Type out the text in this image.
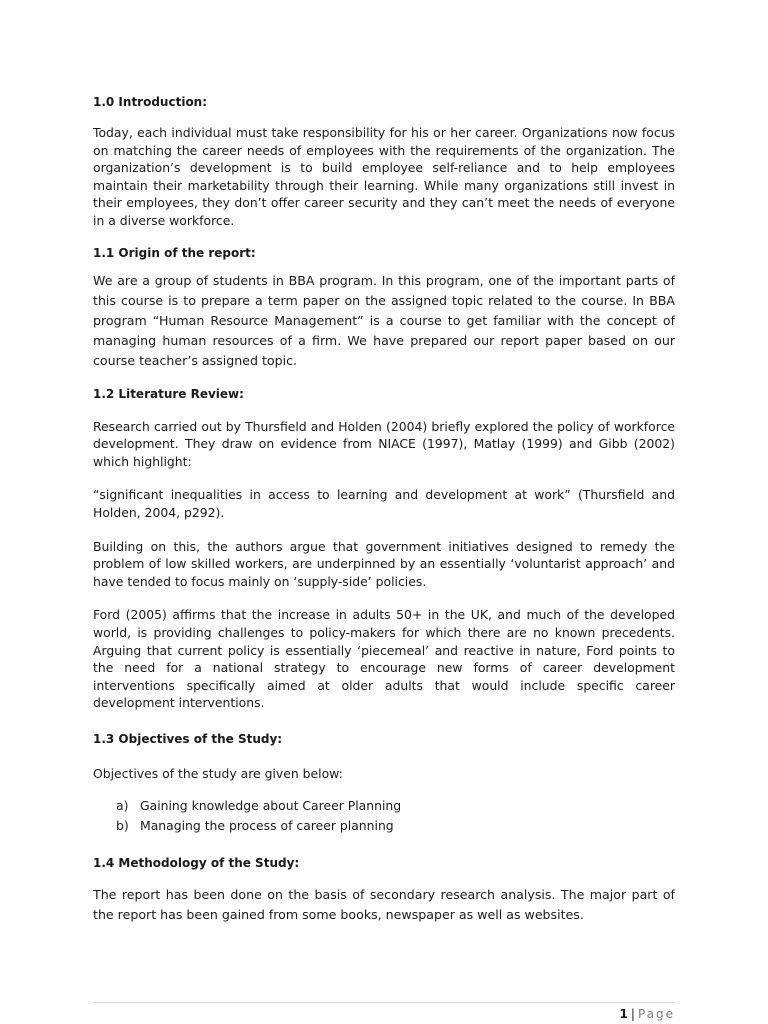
1.0 Introduction:

Today, each individual must take responsibility for his or her career. Organizations now focus on matching the career needs of employees with the requirements of the organization. The organization’s development is to build employee self-reliance and to help employees maintain their marketability through their learning. While many organizations still invest in their employees, they don’t offer career security and they can’t meet the needs of everyone in a diverse workforce.

1.1 Origin of the report:

We are a group of students in BBA program. In this program, one of the important parts of this course is to prepare a term paper on the assigned topic related to the course. In BBA program “Human Resource Management” is a course to get familiar with the concept of managing human resources of a firm. We have prepared our report paper based on our course teacher’s assigned topic.

1.2 Literature Review:

Research carried out by Thursfield and Holden (2004) briefly explored the policy of workforce development. They draw on evidence from NIACE (1997), Matlay (1999) and Gibb (2002) which highlight:

“significant inequalities in access to learning and development at work” (Thursfield and Holden, 2004, p292).

Building on this, the authors argue that government initiatives designed to remedy the problem of low skilled workers, are underpinned by an essentially ‘voluntarist approach’ and have tended to focus mainly on ‘supply-side’ policies.

Ford (2005) affirms that the increase in adults 50+ in the UK, and much of the developed world, is providing challenges to policy-makers for which there are no known precedents. Arguing that current policy is essentially ‘piecemeal’ and reactive in nature, Ford points to the need for a national strategy to encourage new forms of career development interventions specifically aimed at older adults that would include specific career development interventions.

1.3 Objectives of the Study:

Objectives of the study are given below:

a) Gaining knowledge about Career Planning
b) Managing the process of career planning

1.4 Methodology of the Study:

The report has been done on the basis of secondary research analysis. The major part of the report has been gained from some books, newspaper as well as websites.

1 | Page
